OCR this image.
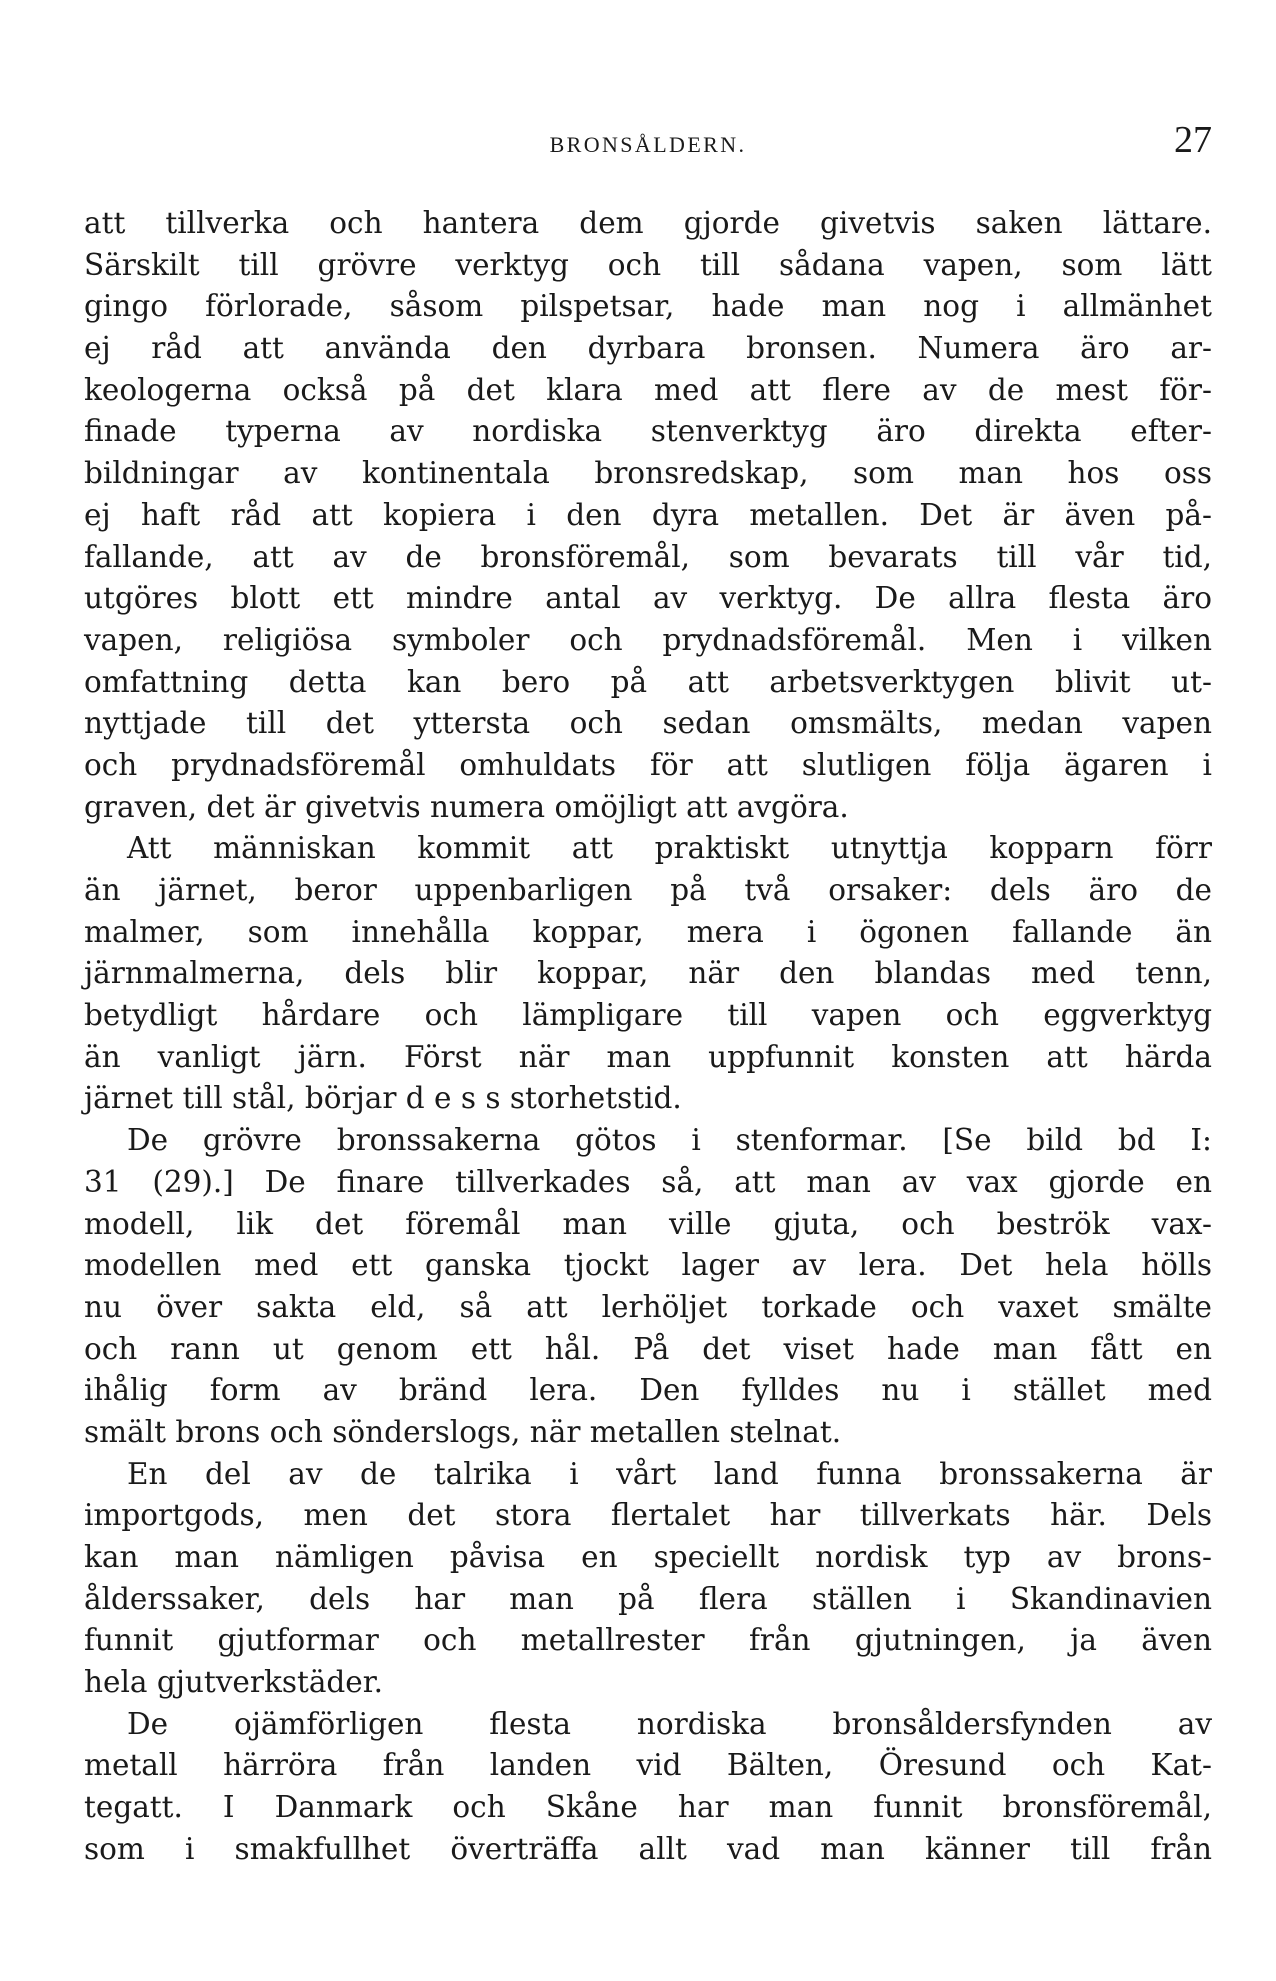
BRONSÅLDERN.	27
att tillverka och hantera dem gjorde givetvis saken lättare.
Särskilt till grövre verktyg och till sådana vapen, som lätt
gingo förlorade, såsom pilspetsar, hade man nog i allmänhet
ej råd att använda den dyrbara bronsen. Numera äro ar-
keologerna också på det klara med att flere av de mest för-
finade typerna av nordiska stenverktyg äro direkta efter-
bildningar av kontinentala bronsredskap, som man hos oss
ej haft råd att kopiera i den dyra metallen. Det är även på-
fallande, att av de bronsföremål, som bevarats till vår tid,
utgöres blott ett mindre antal av verktyg. De allra flesta äro
vapen, religiösa symboler och prydnadsföremål. Men i vilken
omfattning detta kan bero på att arbetsverktygen blivit ut-
nyttjade till det yttersta och sedan omsmälts, medan vapen
och prydnadsföremål omhuldats för att slutligen följa ägaren i
graven, det är givetvis numera omöjligt att avgöra.
Att människan kommit att praktiskt utnyttja kopparn förr
än järnet, beror uppenbarligen på två orsaker: dels äro de
malmer, som innehålla koppar, mera i ögonen fallande än
järnmalmerna, dels blir koppar, när den blandas med tenn,
betydligt hårdare och lämpligare till vapen och eggverktyg
än vanligt järn. Först när man uppfunnit konsten att härda
järnet till stål, börjar d e s s storhetstid.
De grövre bronssakerna götos i stenformar. [Se bild bd I:
31 (29).] De finare tillverkades så, att man av vax gjorde en
modell, lik det föremål man ville gjuta, och beströk vax-
modellen med ett ganska tjockt lager av lera. Det hela hölls
nu över sakta eld, så att lerhöljet torkade och vaxet smälte
och rann ut genom ett hål. På det viset hade man fått en
ihålig form av bränd lera. Den fylldes nu i stället med
smält brons och sönderslogs, när metallen stelnat.
En del av de talrika i vårt land funna bronssakerna är
importgods, men det stora flertalet har tillverkats här. Dels
kan man nämligen påvisa en speciellt nordisk typ av brons-
ålderssaker, dels har man på flera ställen i Skandinavien
funnit gjutformar och metallrester från gjutningen, ja även
hela gjutverkstäder.
De ojämförligen flesta nordiska bronsåldersfynden av
metall härröra från landen vid Bälten, Öresund och Kat-
tegatt. I Danmark och Skåne har man funnit bronsföremål,
som i smakfullhet överträffa allt vad man känner till från
